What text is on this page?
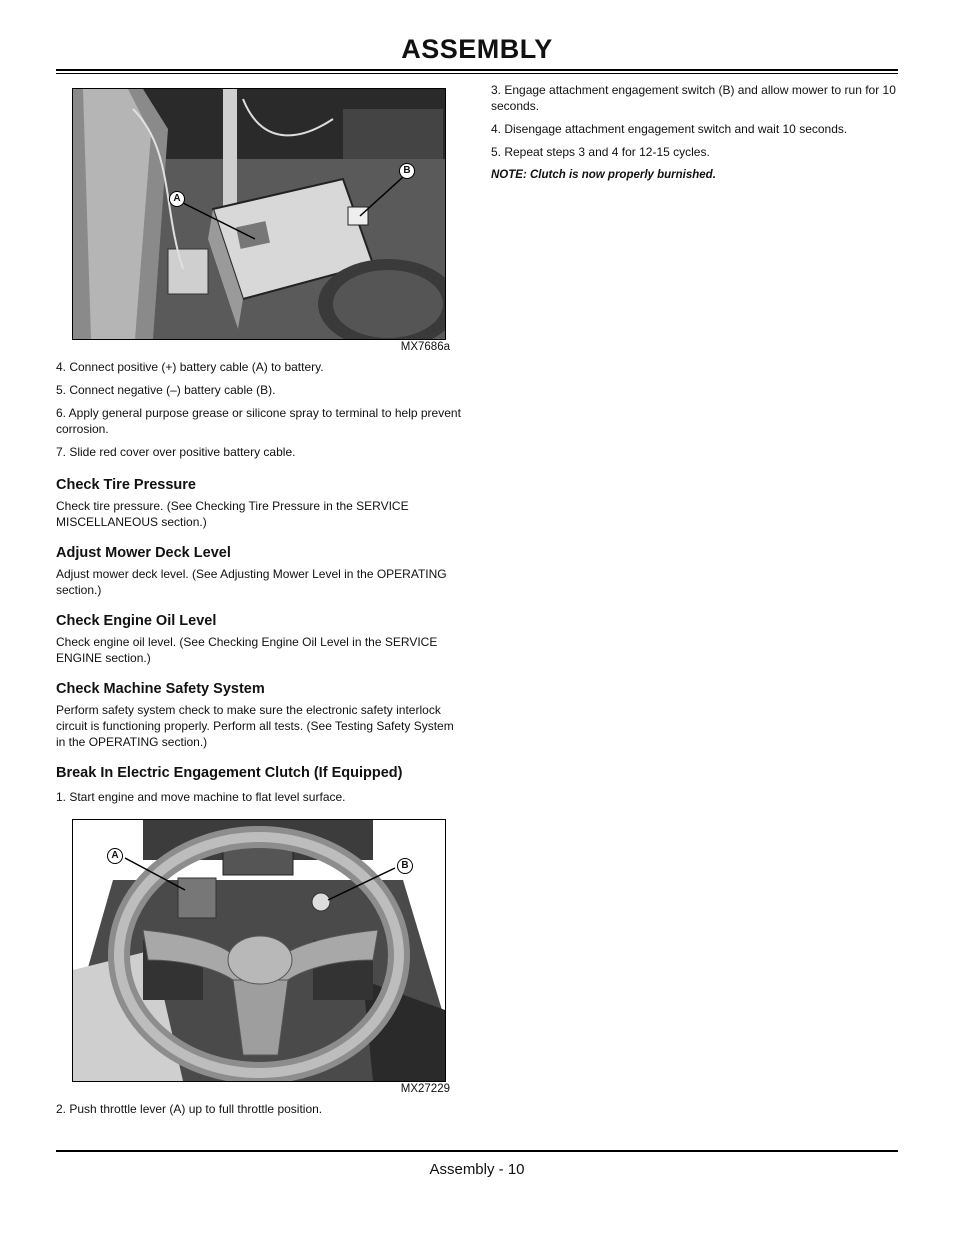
ASSEMBLY
A
B
MX7686a

4. Connect positive (+) battery cable (A) to battery.

5. Connect negative (–) battery cable (B).

6. Apply general purpose grease or silicone spray to terminal to help prevent corrosion.

7. Slide red cover over positive battery cable.

Check Tire Pressure

Check tire pressure. (See Checking Tire Pressure in the SERVICE MISCELLANEOUS section.)

Adjust Mower Deck Level

Adjust mower deck level. (See Adjusting Mower Level in the OPERATING section.)

Check Engine Oil Level

Check engine oil level. (See Checking Engine Oil Level in the SERVICE ENGINE section.)

Check Machine Safety System

Perform safety system check to make sure the electronic safety interlock circuit is functioning properly. Perform all tests. (See Testing Safety System in the OPERATING section.)

Break In Electric Engagement Clutch (If Equipped)

1. Start engine and move machine to flat level surface.

A
B
MX27229

2. Push throttle lever (A) up to full throttle position.

3. Engage attachment engagement switch (B) and allow mower to run for 10 seconds.

4. Disengage attachment engagement switch and wait 10 seconds.

5. Repeat steps 3 and 4 for 12-15 cycles.

NOTE: Clutch is now properly burnished.

Assembly - 10
